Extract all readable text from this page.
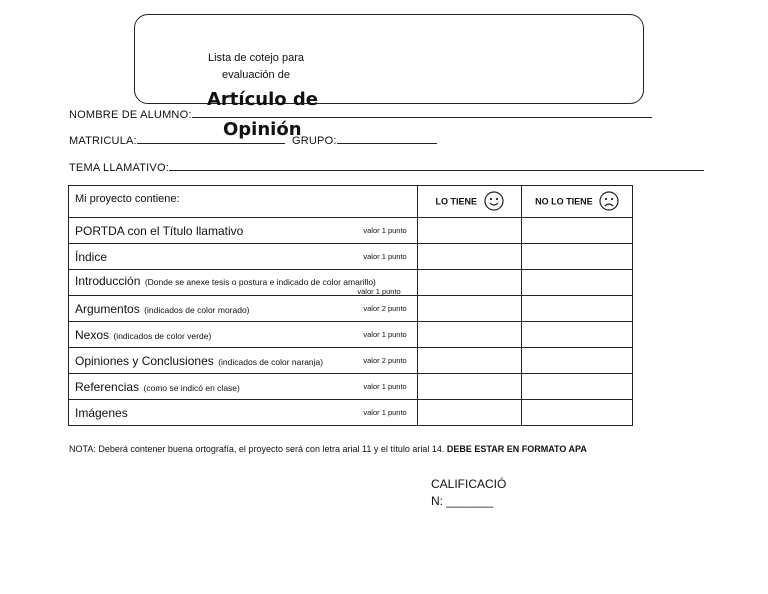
Lista de cotejo para
evaluación de
Artículo de
Opinión
NOMBRE DE ALUMNO:
MATRICULA:	GRUPO:
TEMA LLAMATIVO:
Mi proyecto contiene:	LO TIENE	NO LO TIENE
PORTDA con el Título llamativo valor 1 punto		

Índice valor 1 punto		

Introducción (Donde se anexe tesis o postura e indicado de color amarillo)
valor 1 punto		

Argumentos (indicados de color morado) valor 2 punto		

Nexos (indicados de color verde) valor 1 punto		

Opiniones y Conclusiones (indicados de color naranja) valor 2 punto		

Referencias (como se indicó en clase) valor 1 punto		

Imágenes valor 1 punto		

NOTA: Deberá contener buena ortografía, el proyecto será con letra arial 11 y el título arial 14. DEBE ESTAR EN FORMATO APA
CALIFICACIÓ
N: _______
